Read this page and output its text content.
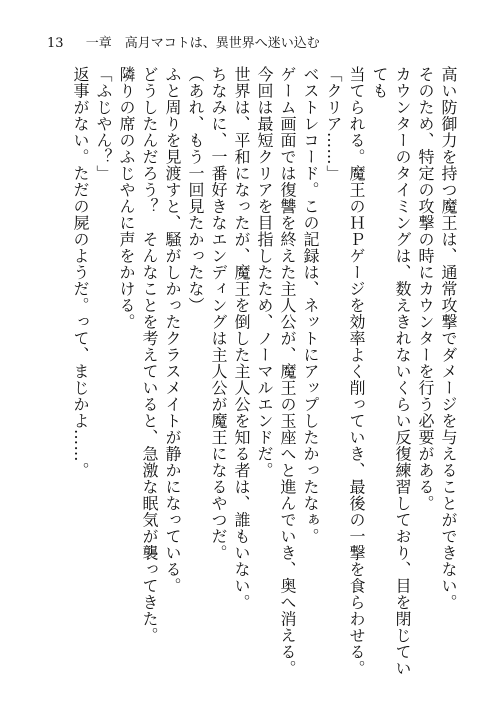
13 一章　高月マコトは、異世界へ迷い込む

高い防御力を持つ魔王は、通常攻撃でダメージを与えることができない。

そのため、特定の攻撃の時にカウンターを行う必要がある。

カウンターのタイミングは、数えきれないくらい反復練習しており、目を閉じていても

当てられる。魔王のＨＰゲージを効率よく削っていき、最後の一撃を食らわせる。

「クリア……」

ベストレコード。この記録は、ネットにアップしたかったなぁ。

ゲーム画面では復讐を終えた主人公が、魔王の玉座へと進んでいき、奥へ消える。

今回は最短クリアを目指したため、ノーマルエンドだ。

世界は、平和になったが、魔王を倒した主人公を知る者は、誰もいない。

ちなみに、一番好きなエンディングは主人公が魔王になるやつだ。

（あれ、もう一回見たかったな）

ふと周りを見渡すと、騒がしかったクラスメイトが静かになっている。

どうしたんだろう？　そんなことを考えていると、急激な眠気が襲ってきた。

隣りの席のふじやんに声をかける。

「ふじやん？」

返事がない。ただの屍のようだ。って、まじかよ……。
